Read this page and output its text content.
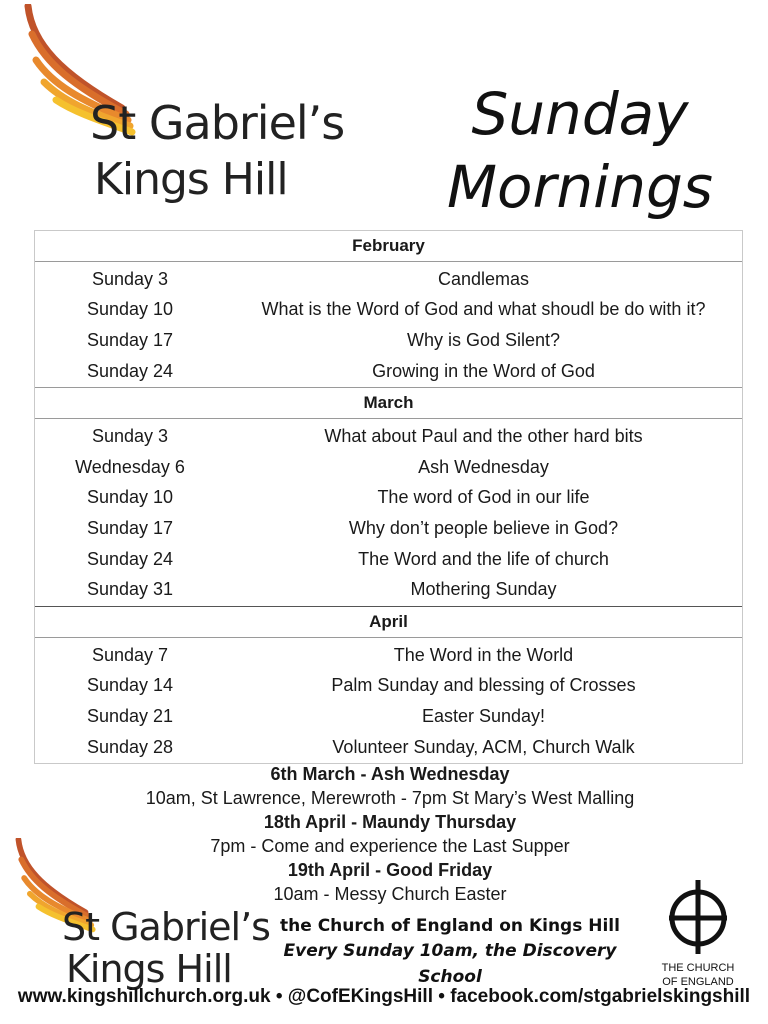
St Gabriel’s
Kings Hill
Sunday
Mornings
February
Sunday 3	Candlemas
Sunday 10	What is the Word of God and what shoudl be do with it?
Sunday 17	Why is God Silent?
Sunday 24	Growing in the Word of God
March
Sunday 3	What about Paul and the other hard bits
Wednesday 6	Ash Wednesday
Sunday 10	The word of God in our life
Sunday 17	Why don’t people believe in God?
Sunday 24	The Word and the life of church
Sunday 31	Mothering Sunday
April
Sunday 7	The Word in the World
Sunday 14	Palm Sunday and blessing of Crosses
Sunday 21	Easter Sunday!
Sunday 28	Volunteer Sunday, ACM, Church Walk
6th March - Ash Wednesday
10am, St Lawrence, Merewroth - 7pm St Mary’s West Malling
18th April - Maundy Thursday
7pm - Come and experience the Last Supper
19th April - Good Friday
10am - Messy Church Easter
St Gabriel’s
Kings Hill
the Church of England on Kings Hill
Every Sunday 10am, the Discovery School	THE CHURCH
OF ENGLAND
www.kingshillchurch.org.uk • @CofEKingsHill • facebook.com/stgabrielskingshill
